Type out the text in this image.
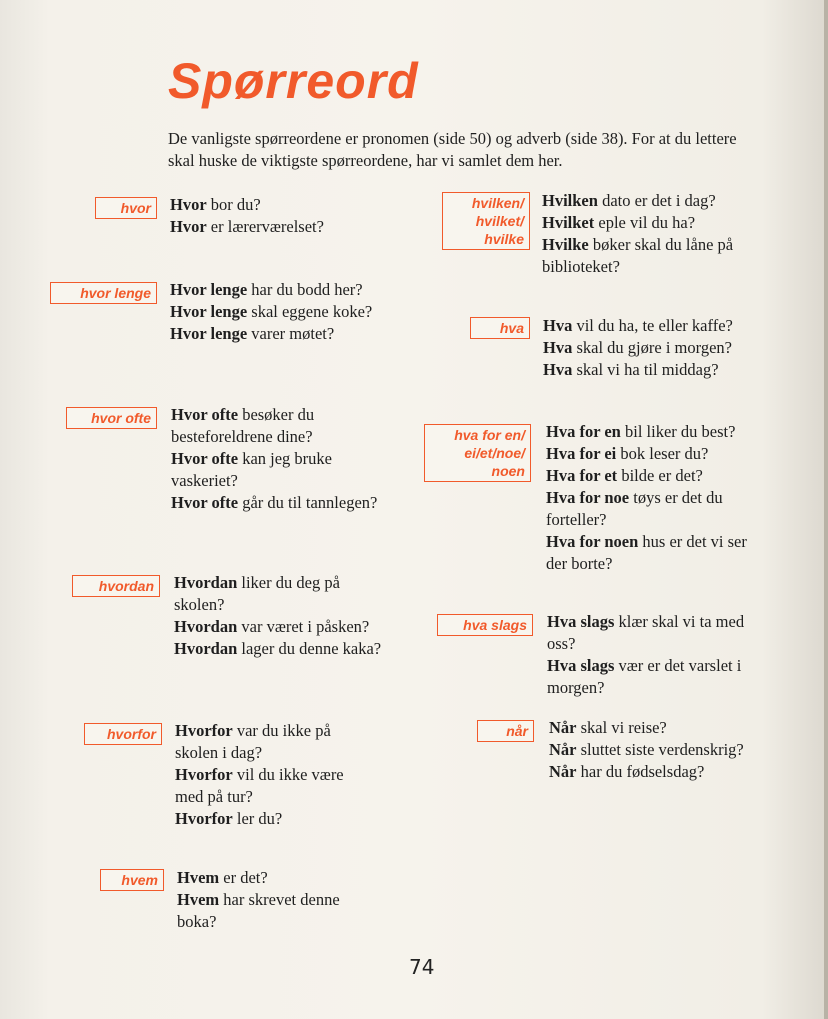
Spørreord
De vanligste spørreordene er pronomen (side 50) og adverb (side 38). For at du lettere skal huske de viktigste spørreordene, har vi samlet dem her.
hvor Hvor bor du?
Hvor er lærerværelset?
hvor lenge Hvor lenge har du bodd her?
Hvor lenge skal eggene koke?
Hvor lenge varer møtet?
hvor ofte Hvor ofte besøker du besteforeldrene dine?
Hvor ofte kan jeg bruke vaskeriet?
Hvor ofte går du til tannlegen?
hvordan Hvordan liker du deg på skolen?
Hvordan var været i påsken?
Hvordan lager du denne kaka?
hvorfor Hvorfor var du ikke på skolen i dag?
Hvorfor vil du ikke være med på tur?
Hvorfor ler du?
hvem Hvem er det?
Hvem har skrevet denne boka?
hvilken/
hvilket/
hvilke
Hvilken dato er det i dag?
Hvilket eple vil du ha?
Hvilke bøker skal du låne på biblioteket?
hva Hva vil du ha, te eller kaffe?
Hva skal du gjøre i morgen?
Hva skal vi ha til middag?
hva for en/
ei/et/noe/
noen
Hva for en bil liker du best?
Hva for ei bok leser du?
Hva for et bilde er det?
Hva for noe tøys er det du forteller?
Hva for noen hus er det vi ser der borte?
hva slags Hva slags klær skal vi ta med oss?
Hva slags vær er det varslet i morgen?
når Når skal vi reise?
Når sluttet siste verdenskrig?
Når har du fødselsdag?
74
